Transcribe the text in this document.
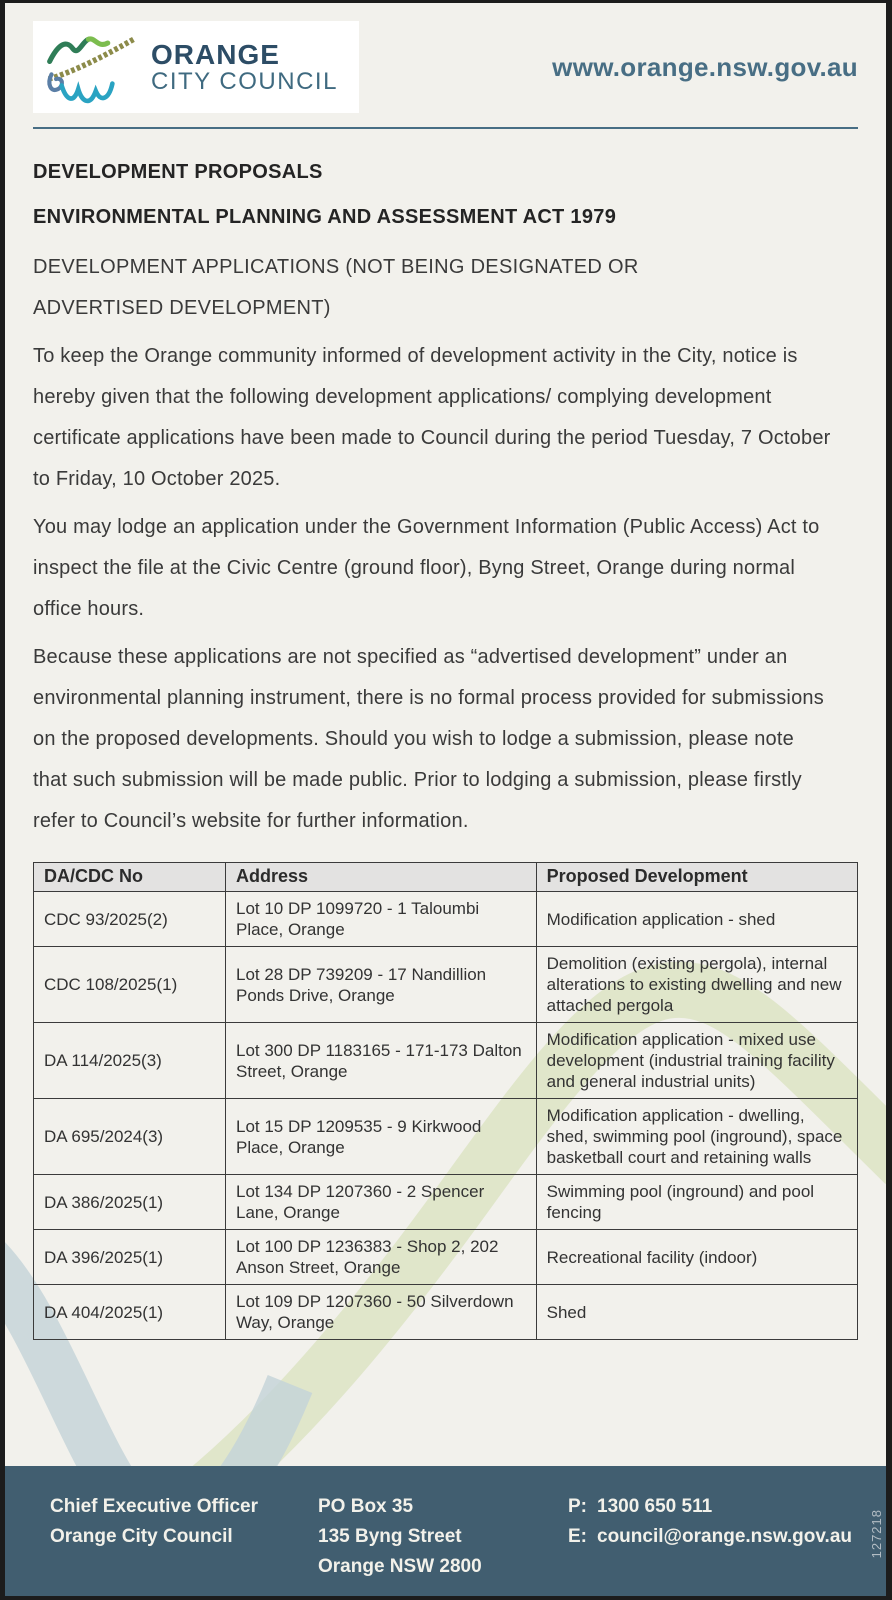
ORANGE
CITY COUNCIL
www.orange.nsw.gov.au

DEVELOPMENT PROPOSALS

ENVIRONMENTAL PLANNING AND ASSESSMENT ACT 1979

DEVELOPMENT APPLICATIONS (NOT BEING DESIGNATED OR ADVERTISED DEVELOPMENT)

To keep the Orange community informed of development activity in the City, notice is hereby given that the following development applications/ complying development certificate applications have been made to Council during the period Tuesday, 7 October to Friday, 10 October 2025.

You may lodge an application under the Government Information (Public Access) Act to inspect the file at the Civic Centre (ground floor), Byng Street, Orange during normal office hours.

Because these applications are not specified as “advertised development” under an environmental planning instrument, there is no formal process provided for submissions on the proposed developments. Should you wish to lodge a submission, please note that such submission will be made public. Prior to lodging a submission, please firstly refer to Council’s website for further information.

DA/CDC No	Address	Proposed Development
CDC 93/2025(2)	Lot 10 DP 1099720 - 1 Taloumbi Place, Orange	Modification application - shed
CDC 108/2025(1)	Lot 28 DP 739209 - 17 Nandillion Ponds Drive, Orange	Demolition (existing pergola), internal alterations to existing dwelling and new attached pergola
DA 114/2025(3)	Lot 300 DP 1183165 - 171-173 Dalton Street, Orange	Modification application - mixed use development (industrial training facility and general industrial units)
DA 695/2024(3)	Lot 15 DP 1209535 - 9 Kirkwood Place, Orange	Modification application - dwelling, shed, swimming pool (inground), space basketball court and retaining walls
DA 386/2025(1)	Lot 134 DP 1207360 - 2 Spencer Lane, Orange	Swimming pool (inground) and pool fencing
DA 396/2025(1)	Lot 100 DP 1236383 - Shop 2, 202 Anson Street, Orange	Recreational facility (indoor)
DA 404/2025(1)	Lot 109 DP 1207360 - 50 Silverdown Way, Orange	Shed
Chief Executive Officer
Orange City Council
PO Box 35
135 Byng Street
Orange NSW 2800
P: 1300 650 511
E: council@orange.nsw.gov.au 127218
